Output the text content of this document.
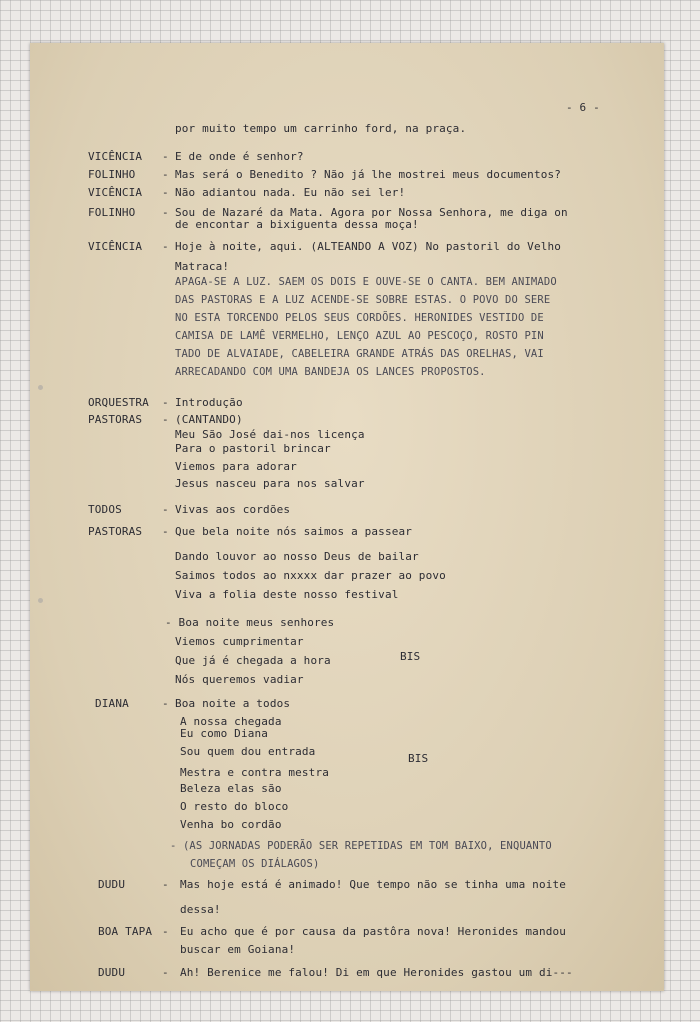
- 6 -
por muito tempo um carrinho ford, na praça.
VICÊNCIA - E de onde é senhor?
FOLINHO - Mas será o Benedito ? Não já lhe mostrei meus documentos?
VICÊNCIA - Não adiantou nada. Eu não sei ler!
FOLINHO - Sou de Nazaré da Mata. Agora por Nossa Senhora, me diga on
de encontar a bixiguenta dessa moça!
VICÊNCIA - Hoje à noite, aqui. (ALTEANDO A VOZ) No pastoril do Velho
Matraca!
APAGA-SE A LUZ. SAEM OS DOIS E OUVE-SE O CANTA. BEM ANIMADO
DAS PASTORAS E A LUZ ACENDE-SE SOBRE ESTAS. O POVO DO SERE
NO ESTA TORCENDO PELOS SEUS CORDÕES. HERONIDES VESTIDO DE
CAMISA DE LAMÊ VERMELHO, LENÇO AZUL AO PESCOÇO, ROSTO PIN
TADO DE ALVAIADE, CABELEIRA GRANDE ATRÁS DAS ORELHAS, VAI
ARRECADANDO COM UMA BANDEJA OS LANCES PROPOSTOS.
ORQUESTRA - Introdução
PASTORAS - (CANTANDO)
Meu São José dai-nos licença
Para o pastoril brincar
Viemos para adorar
Jesus nasceu para nos salvar
TODOS	- Vivas aos cordões
PASTORAS - Que bela noite nós saimos a passear
Dando louvor ao nosso Deus de bailar
Saimos todos ao nxxxx dar prazer ao povo
Viva a folia deste nosso festival
- Boa noite meus senhores
Viemos cumprimentar
Que já é chegada a hora
Nós queremos vadiar
DIANA	- Boa noite a todos
A nossa chegada
Eu como Diana
Sou quem dou entrada
Mestra e contra mestra
Beleza elas são
O resto do bloco
Venha bo cordão
- (AS JORNADAS PODERÃO SER REPETIDAS EM TOM BAIXO, ENQUANTO
COMEÇAM OS DIÁLAGOS)
DUDU	- Mas hoje está é animado! Que tempo não se tinha uma noite
dessa!
BOA TAPA - Eu acho que é por causa da pastôra nova! Heronides mandou
buscar em Goiana!
DUDU	- Ah! Berenice me falou! Di em que Heronides gastou um di---
BIS
BIS
